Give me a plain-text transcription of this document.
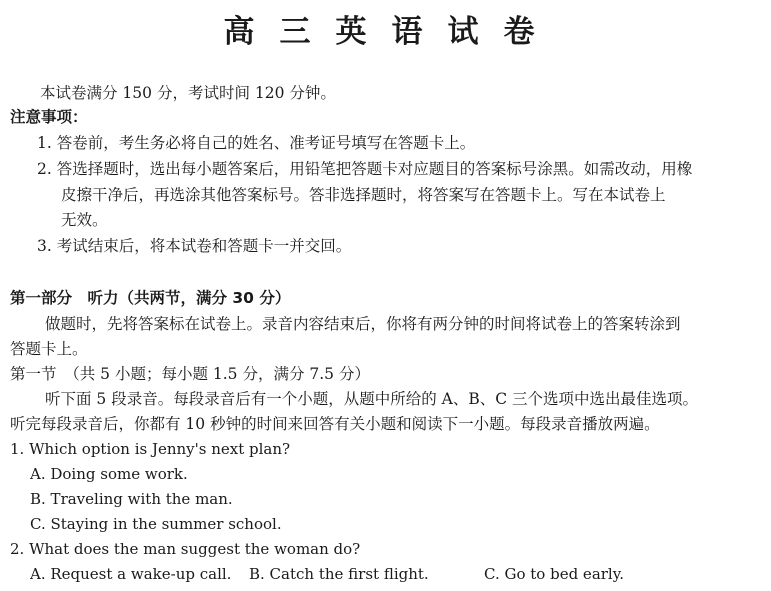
高三英语试卷
本试卷满分 150 分，考试时间 120 分钟。
注意事项：
1. 答卷前，考生务必将自己的姓名、准考证号填写在答题卡上。
2. 答选择题时，选出每小题答案后，用铅笔把答题卡对应题目的答案标号涂黑。如需改动，用橡
皮擦干净后，再选涂其他答案标号。答非选择题时，将答案写在答题卡上。写在本试卷上
无效。
3. 考试结束后，将本试卷和答题卡一并交回。
第一部分　听力（共两节，满分 30 分）
做题时，先将答案标在试卷上。录音内容结束后，你将有两分钟的时间将试卷上的答案转涂到
答题卡上。
第一节　（共 5 小题；每小题 1.5 分，满分 7.5 分）
听下面 5 段录音。每段录音后有一个小题，从题中所给的 A、B、C 三个选项中选出最佳选项。
听完每段录音后，你都有 10 秒钟的时间来回答有关小题和阅读下一小题。每段录音播放两遍。
1. Which option is Jenny's next plan?
A. Doing some work.
B. Traveling with the man.
C. Staying in the summer school.
2. What does the man suggest the woman do?
A. Request a wake-up call. B. Catch the first flight.	C. Go to bed early.
